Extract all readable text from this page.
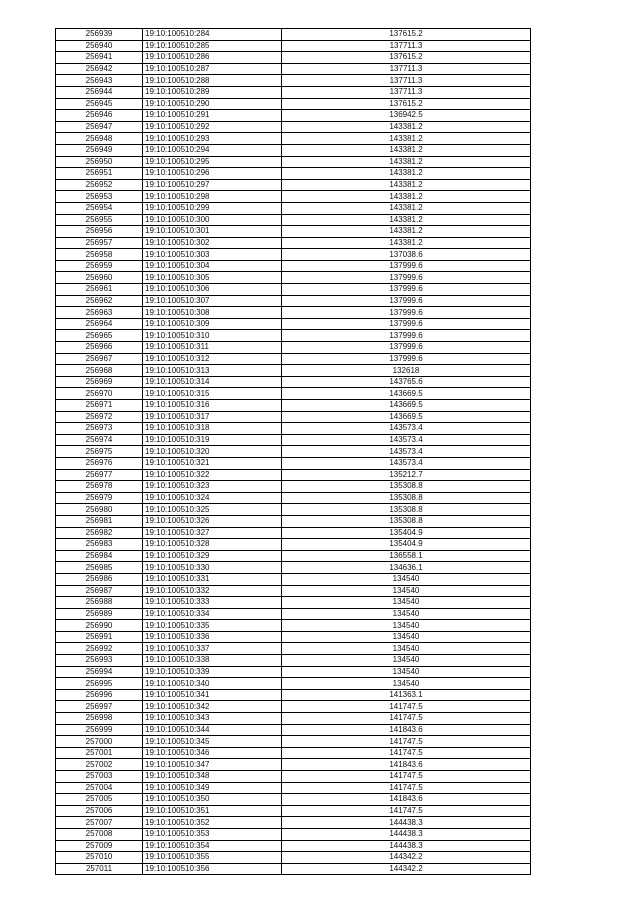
256939	19:10:100510:284	137615.2
256940	19:10:100510:285	137711.3
256941	19:10:100510:286	137615.2
256942	19:10:100510:287	137711.3
256943	19:10:100510:288	137711.3
256944	19:10:100510:289	137711.3
256945	19:10:100510:290	137615.2
256946	19:10:100510:291	136942.5
256947	19:10:100510:292	143381.2
256948	19:10:100510:293	143381.2
256949	19:10:100510:294	143381.2
256950	19:10:100510:295	143381.2
256951	19:10:100510:296	143381.2
256952	19:10:100510:297	143381.2
256953	19:10:100510:298	143381.2
256954	19:10:100510:299	143381.2
256955	19:10:100510:300	143381.2
256956	19:10:100510:301	143381.2
256957	19:10:100510:302	143381.2
256958	19:10:100510:303	137038.6
256959	19:10:100510:304	137999.6
256960	19:10:100510:305	137999.6
256961	19:10:100510:306	137999.6
256962	19:10:100510:307	137999.6
256963	19:10:100510:308	137999.6
256964	19:10:100510:309	137999.6
256965	19:10:100510:310	137999.6
256966	19:10:100510:311	137999.6
256967	19:10:100510:312	137999.6
256968	19:10:100510:313	132618
256969	19:10:100510:314	143765.6
256970	19:10:100510:315	143669.5
256971	19:10:100510:316	143669.5
256972	19:10:100510:317	143669.5
256973	19:10:100510:318	143573.4
256974	19:10:100510:319	143573.4
256975	19:10:100510:320	143573.4
256976	19:10:100510:321	143573.4
256977	19:10:100510:322	135212.7
256978	19:10:100510:323	135308.8
256979	19:10:100510:324	135308.8
256980	19:10:100510:325	135308.8
256981	19:10:100510:326	135308.8
256982	19:10:100510:327	135404.9
256983	19:10:100510:328	135404.9
256984	19:10:100510:329	136558.1
256985	19:10:100510:330	134636.1
256986	19:10:100510:331	134540
256987	19:10:100510:332	134540
256988	19:10:100510:333	134540
256989	19:10:100510:334	134540
256990	19:10:100510:335	134540
256991	19:10:100510:336	134540
256992	19:10:100510:337	134540
256993	19:10:100510:338	134540
256994	19:10:100510:339	134540
256995	19:10:100510:340	134540
256996	19:10:100510:341	141363.1
256997	19:10:100510:342	141747.5
256998	19:10:100510:343	141747.5
256999	19:10:100510:344	141843.6
257000	19:10:100510:345	141747.5
257001	19:10:100510:346	141747.5
257002	19:10:100510:347	141843.6
257003	19:10:100510:348	141747.5
257004	19:10:100510:349	141747.5
257005	19:10:100510:350	141843.6
257006	19:10:100510:351	141747.5
257007	19:10:100510:352	144438.3
257008	19:10:100510:353	144438.3
257009	19:10:100510:354	144438.3
257010	19:10:100510:355	144342.2
257011	19:10:100510:356	144342.2
